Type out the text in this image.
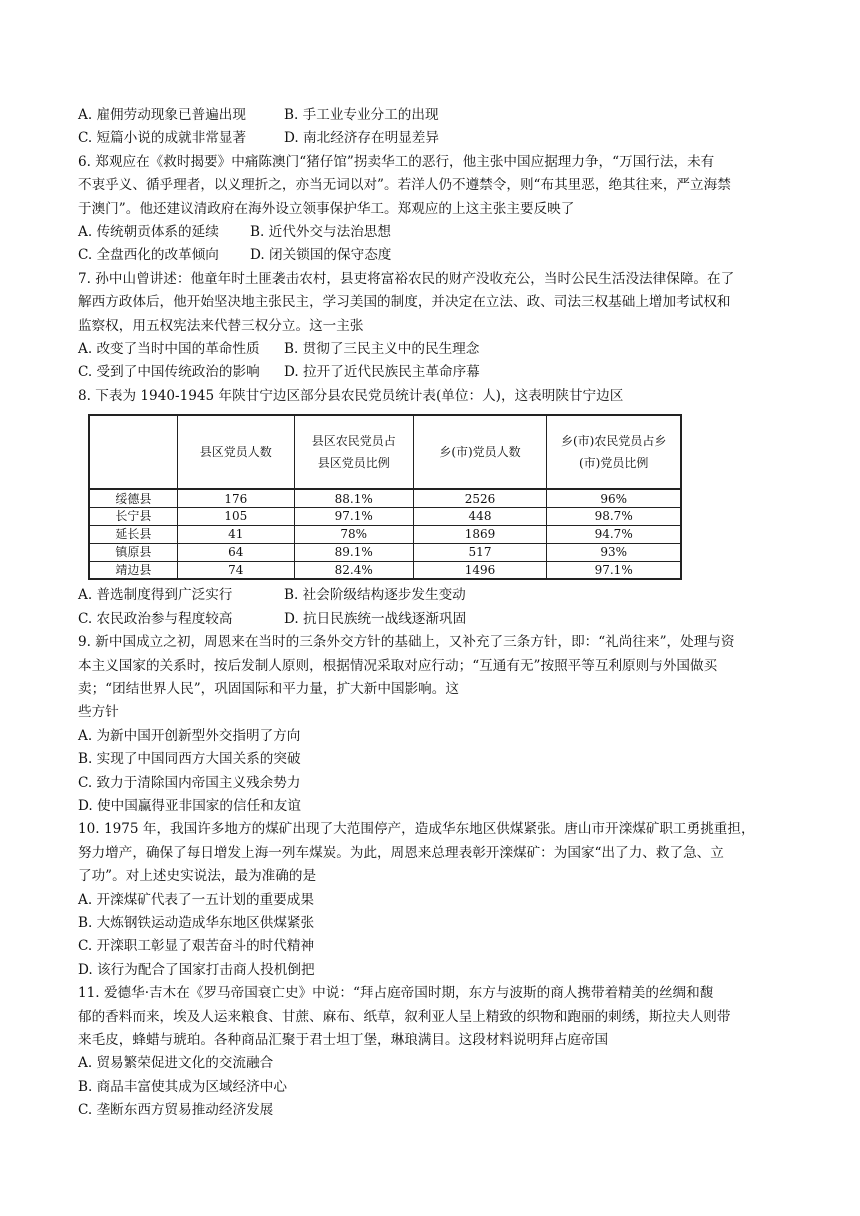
A. 雇佣劳动现象已普遍出现	B. 手工业专业分工的出现
C. 短篇小说的成就非常显著	D. 南北经济存在明显差异
6. 郑观应在《救时揭要》中痛陈澳门“猪仔馆”拐卖华工的恶行，他主张中国应据理力争，“万国行法，未有
不衷乎义、循乎理者，以义理折之，亦当无词以对”。若洋人仍不遵禁令，则“布其里恶，绝其往来，严立海禁
于澳门”。他还建议清政府在海外设立领事保护华工。郑观应的上这主张主要反映了
A. 传统朝贡体系的延续	B. 近代外交与法治思想
C. 全盘西化的改革倾向	D. 闭关锁国的保守态度
7. 孙中山曾讲述：他童年时土匪袭击农村，县吏将富裕农民的财产没收充公，当时公民生活没法律保障。在了
解西方政体后，他开始坚决地主张民主，学习美国的制度，并决定在立法、政、司法三权基础上增加考试权和
监察权，用五权宪法来代替三权分立。这一主张
A. 改变了当时中国的革命性质	B. 贯彻了三民主义中的民生理念
C. 受到了中国传统政治的影响	D. 拉开了近代民族民主革命序幕
8. 下表为 1940-1945 年陕甘宁边区部分县农民党员统计表(单位：人)，这表明陕甘宁边区
	县区党员人数	县区农民党员占县区党员比例	乡(市)党员人数	乡(市)农民党员占乡(市)党员比例
绥德县	176	88.1%	2526	96%
长宁县	105	97.1%	448	98.7%
延长县	41	78%	1869	94.7%
镇原县	64	89.1%	517	93%
靖边县	74	82.4%	1496	97.1%
A. 普选制度得到广泛实行	B. 社会阶级结构逐步发生变动
C. 农民政治参与程度较高	D. 抗日民族统一战线逐渐巩固
9. 新中国成立之初，周恩来在当时的三条外交方针的基础上，又补充了三条方针，即：“礼尚往来”，处理与资
本主义国家的关系时，按后发制人原则，根据情况采取对应行动；“互通有无”按照平等互利原则与外国做买
卖；“团结世界人民”，巩固国际和平力量，扩大新中国影响。这
些方针
A. 为新中国开创新型外交指明了方向
B. 实现了中国同西方大国关系的突破
C. 致力于清除国内帝国主义残余势力
D. 使中国赢得亚非国家的信任和友谊
10. 1975 年，我国许多地方的煤矿出现了大范围停产，造成华东地区供煤紧张。唐山市开滦煤矿职工勇挑重担，
努力增产，确保了每日增发上海一列车煤炭。为此，周恩来总理表彰开滦煤矿：为国家“出了力、救了急、立
了功”。对上述史实说法，最为准确的是
A. 开滦煤矿代表了一五计划的重要成果
B. 大炼钢铁运动造成华东地区供煤紧张
C. 开滦职工彰显了艰苦奋斗的时代精神
D. 该行为配合了国家打击商人投机倒把
11. 爱德华·吉木在《罗马帝国衰亡史》中说：“拜占庭帝国时期，东方与波斯的商人携带着精美的丝绸和馥
郁的香料而来，埃及人运来粮食、甘蔗、麻布、纸草，叙利亚人呈上精致的织物和跑丽的刺绣，斯拉夫人则带
来毛皮，蜂蜡与琥珀。各种商品汇聚于君士坦丁堡，琳琅满目。这段材料说明拜占庭帝国
A. 贸易繁荣促进文化的交流融合
B. 商品丰富使其成为区域经济中心
C. 垄断东西方贸易推动经济发展
